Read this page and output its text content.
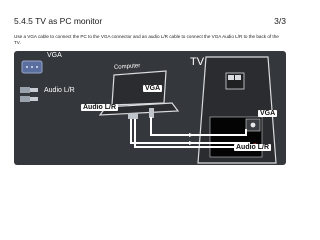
5.4.5 TV as PC monitor	3/3
Use a VGA cable to connect the PC to the VGA connector and an audio L/R cable to connect the VGA Audio L/R to the back of the TV.
VGA
Audio L/R
Computer	TV
VGA
Audio L/R
VGA
Audio L/R
